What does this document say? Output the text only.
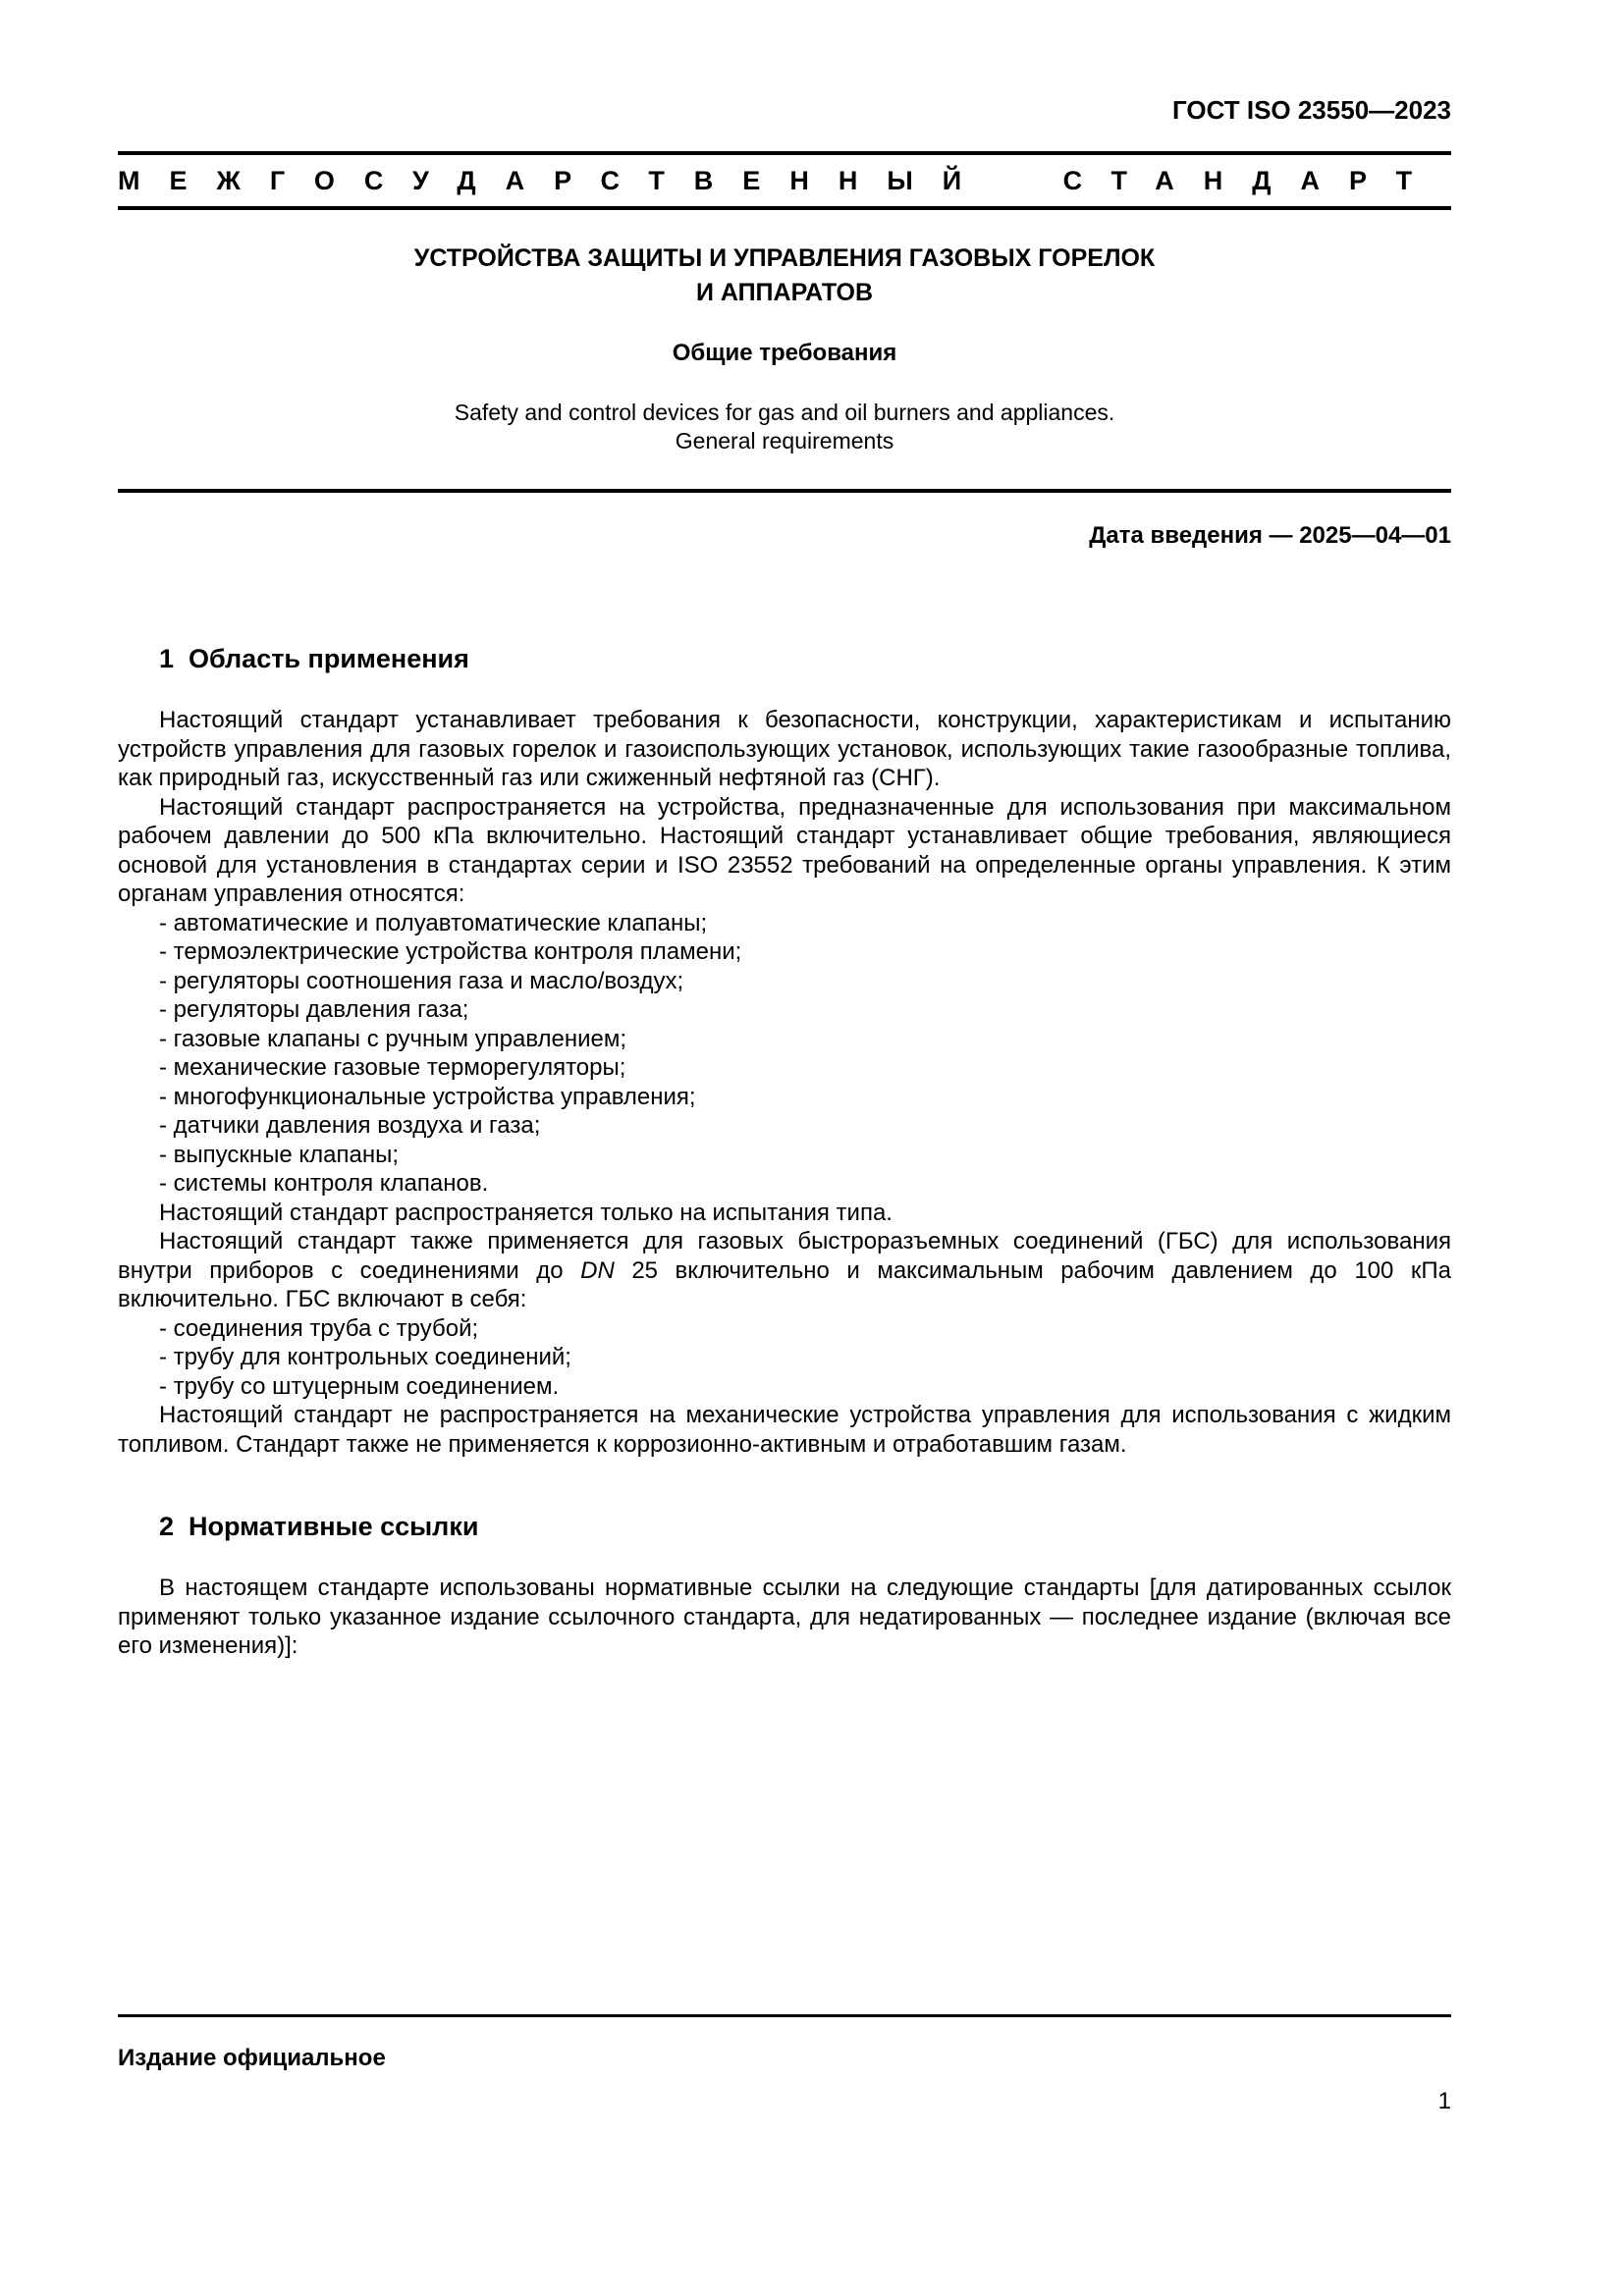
ГОСТ ISO 23550—2023
МЕЖГОСУДАРСТВЕННЫЙ СТАНДАРТ
УСТРОЙСТВА ЗАЩИТЫ И УПРАВЛЕНИЯ ГАЗОВЫХ ГОРЕЛОК
И АППАРАТОВ
Общие требования
Safety and control devices for gas and oil burners and appliances.
General requirements
Дата введения — 2025—04—01
1  Область применения

Настоящий стандарт устанавливает требования к безопасности, конструкции, характеристикам и испытанию устройств управления для газовых горелок и газоиспользующих установок, использующих такие газообразные топлива, как природный газ, искусственный газ или сжиженный нефтяной газ (СНГ).

Настоящий стандарт распространяется на устройства, предназначенные для использования при максимальном рабочем давлении до 500 кПа включительно. Настоящий стандарт устанавливает общие требования, являющиеся основой для установления в стандартах серии и ISO 23552 требований на определенные органы управления. К этим органам управления относятся:

- автоматические и полуавтоматические клапаны;
- термоэлектрические устройства контроля пламени;
- регуляторы соотношения газа и масло/воздух;
- регуляторы давления газа;
- газовые клапаны с ручным управлением;
- механические газовые терморегуляторы;
- многофункциональные устройства управления;
- датчики давления воздуха и газа;
- выпускные клапаны;
- системы контроля клапанов.

Настоящий стандарт распространяется только на испытания типа.

Настоящий стандарт также применяется для газовых быстроразъемных соединений (ГБС) для использования внутри приборов с соединениями до DN 25 включительно и максимальным рабочим давлением до 100 кПа включительно. ГБС включают в себя:

- соединения труба с трубой;
- трубу для контрольных соединений;
- трубу со штуцерным соединением.

Настоящий стандарт не распространяется на механические устройства управления для использования с жидким топливом. Стандарт также не применяется к коррозионно-активным и отработавшим газам.

2  Нормативные ссылки

В настоящем стандарте использованы нормативные ссылки на следующие стандарты [для датированных ссылок применяют только указанное издание ссылочного стандарта, для недатированных — последнее издание (включая все его изменения)]:

Издание официальное
1
